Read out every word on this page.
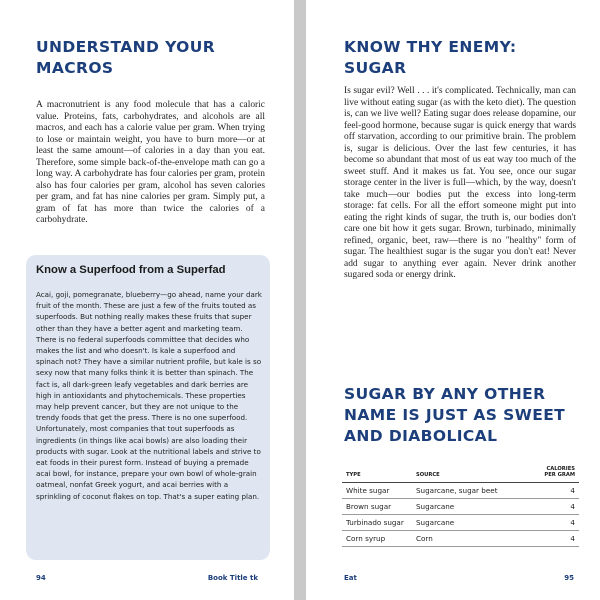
UNDERSTAND YOUR
MACROS

A macronutrient is any food molecule that has a caloric value. Proteins, fats, carbohydrates, and alcohols are all macros, and each has a calorie value per gram. When trying to lose or maintain weight, you have to burn more—or at least the same amount—of calories in a day than you eat. Therefore, some simple back-of-the-envelope math can go a long way. A carbohydrate has four calories per gram, protein also has four calories per gram, alcohol has seven calories per gram, and fat has nine calories per gram. Simply put, a gram of fat has more than twice the calories of a carbohydrate.

Know a Superfood from a Superfad

Acai, goji, pomegranate, blueberry—go ahead, name your dark fruit of the month. These are just a few of the fruits touted as superfoods. But nothing really makes these fruits that super other than they have a better agent and marketing team. There is no federal superfoods committee that decides who makes the list and who doesn't. Is kale a superfood and spinach not? They have a similar nutrient profile, but kale is so sexy now that many folks think it is better than spinach. The fact is, all dark-green leafy vegetables and dark berries are high in antioxidants and phytochemicals. These properties may help prevent cancer, but they are not unique to the trendy foods that get the press. There is no one superfood. Unfortunately, most companies that tout superfoods as ingredients (in things like acai bowls) are also loading their products with sugar. Look at the nutritional labels and strive to eat foods in their purest form. Instead of buying a premade acai bowl, for instance, prepare your own bowl of whole-grain oatmeal, nonfat Greek yogurt, and acai berries with a sprinkling of coconut flakes on top. That's a super eating plan.

94	Book Title tk
KNOW THY ENEMY:
SUGAR

Is sugar evil? Well . . . it's complicated. Technically, man can live without eating sugar (as with the keto diet). The question is, can we live well? Eating sugar does release dopamine, our feel-good hormone, because sugar is quick energy that wards off starvation, according to our primitive brain. The problem is, sugar is delicious. Over the last few centuries, it has become so abundant that most of us eat way too much of the sweet stuff. And it makes us fat. You see, once our sugar storage center in the liver is full—which, by the way, doesn't take much—our bodies put the excess into long-term storage: fat cells. For all the effort someone might put into eating the right kinds of sugar, the truth is, our bodies don't care one bit how it gets sugar. Brown, turbinado, minimally refined, organic, beet, raw—there is no "healthy" form of sugar. The healthiest sugar is the sugar you don't eat! Never add sugar to anything ever again. Never drink another sugared soda or energy drink.

SUGAR BY ANY OTHER
NAME IS JUST AS SWEET
AND DIABOLICAL
TYPE	SOURCE	CALORIES
PER GRAM
White sugar	Sugarcane, sugar beet	4
Brown sugar	Sugarcane	4
Turbinado sugar	Sugarcane	4
Corn syrup	Corn	4
Eat	95
